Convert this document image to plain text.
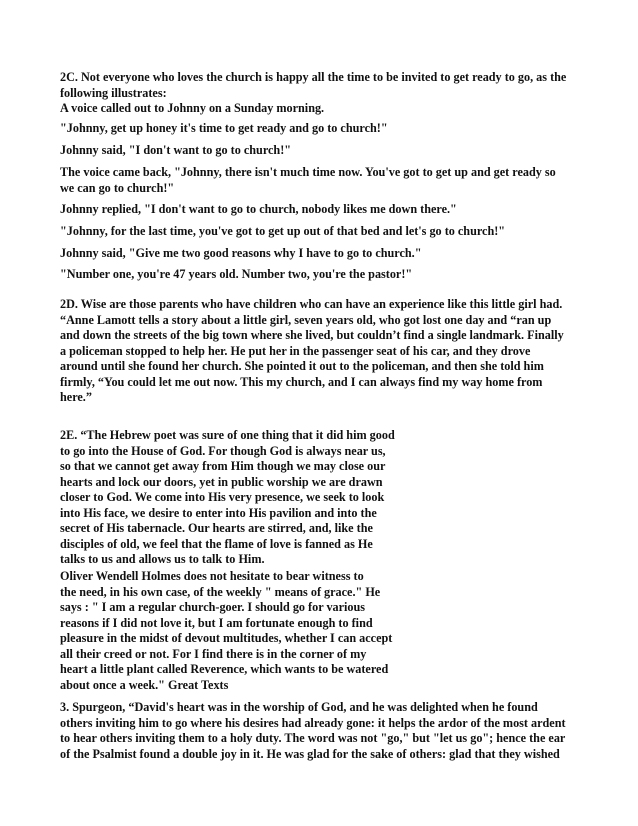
2C. Not everyone who loves the church is happy all the time to be invited to get ready to go, as the
following illustrates:
A voice called out to Johnny on a Sunday morning.
"Johnny, get up honey it's time to get ready and go to church!"
Johnny said, "I don't want to go to church!"
The voice came back, "Johnny, there isn't much time now. You've got to get up and get ready so
we can go to church!"
Johnny replied, "I don't want to go to church, nobody likes me down there."
"Johnny, for the last time, you've got to get up out of that bed and let's go to church!"
Johnny said, "Give me two good reasons why I have to go to church."
"Number one, you're 47 years old. Number two, you're the pastor!"
2D. Wise are those parents who have children who can have an experience like this little girl had.
“Anne Lamott tells a story about a little girl, seven years old, who got lost one day and “ran up
and down the streets of the big town where she lived, but couldn’t find a single landmark. Finally
a policeman stopped to help her. He put her in the passenger seat of his car, and they drove
around until she found her church. She pointed it out to the policeman, and then she told him
firmly, “You could let me out now. This my church, and I can always find my way home from
here.”
2E. “The Hebrew poet was sure of one thing that it did him good
to go into the House of God. For though God is always near us,
so that we cannot get away from Him though we may close our
hearts and lock our doors, yet in public worship we are drawn
closer to God. We come into His very presence, we seek to look
into His face, we desire to enter into His pavilion and into the
secret of His tabernacle. Our hearts are stirred, and, like the
disciples of old, we feel that the flame of love is fanned as He
talks to us and allows us to talk to Him.
Oliver Wendell Holmes does not hesitate to bear witness to
the need, in his own case, of the weekly " means of grace." He
says : " I am a regular church-goer. I should go for various
reasons if I did not love it, but I am fortunate enough to find
pleasure in the midst of devout multitudes, whether I can accept
all their creed or not. For I find there is in the corner of my
heart a little plant called Reverence, which wants to be watered
about once a week." Great Texts
3. Spurgeon, “David's heart was in the worship of God, and he was delighted when he found
others inviting him to go where his desires had already gone: it helps the ardor of the most ardent
to hear others inviting them to a holy duty. The word was not "go," but "let us go"; hence the ear
of the Psalmist found a double joy in it. He was glad for the sake of others: glad that they wished
